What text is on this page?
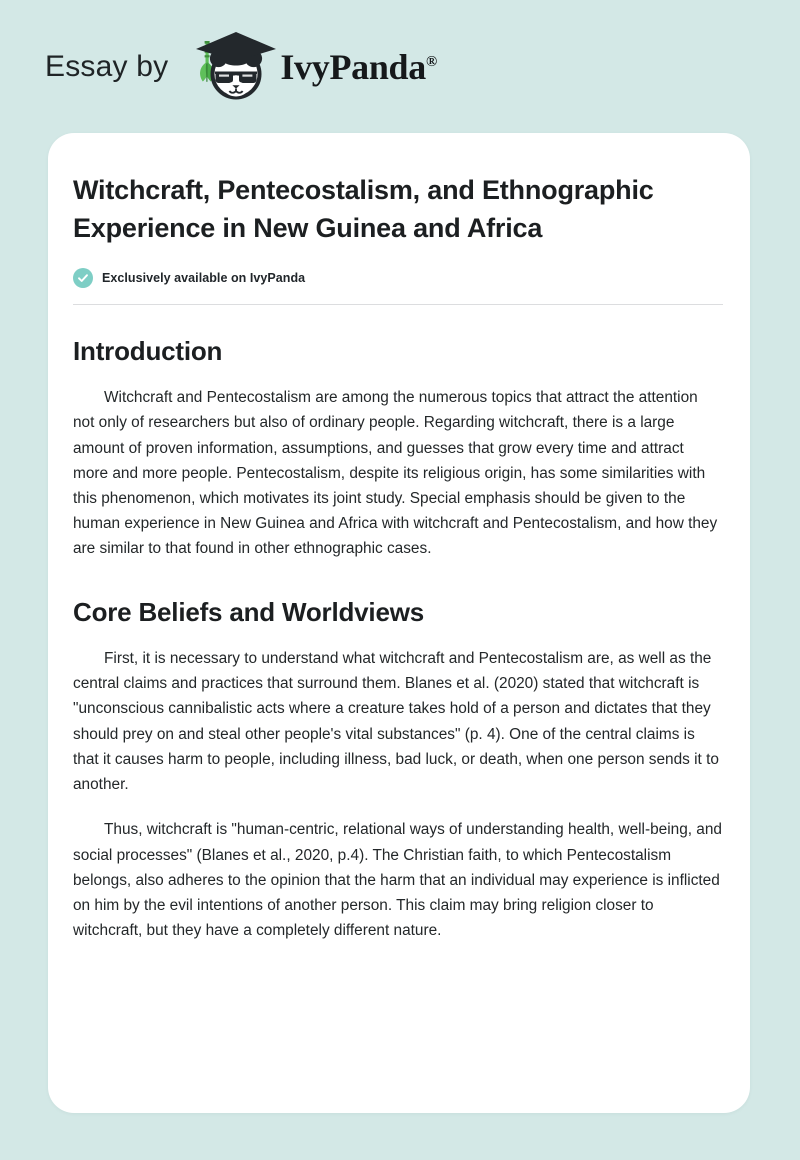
Essay by	IvyPanda®
Witchcraft, Pentecostalism, and Ethnographic Experience in New Guinea and Africa
Exclusively available on IvyPanda
Introduction

Witchcraft and Pentecostalism are among the numerous topics that attract the attention not only of researchers but also of ordinary people. Regarding witchcraft, there is a large amount of proven information, assumptions, and guesses that grow every time and attract more and more people. Pentecostalism, despite its religious origin, has some similarities with this phenomenon, which motivates its joint study. Special emphasis should be given to the human experience in New Guinea and Africa with witchcraft and Pentecostalism, and how they are similar to that found in other ethnographic cases.

Core Beliefs and Worldviews

First, it is necessary to understand what witchcraft and Pentecostalism are, as well as the central claims and practices that surround them. Blanes et al. (2020) stated that witchcraft is "unconscious cannibalistic acts where a creature takes hold of a person and dictates that they should prey on and steal other people's vital substances" (p. 4). One of the central claims is that it causes harm to people, including illness, bad luck, or death, when one person sends it to another.

Thus, witchcraft is "human-centric, relational ways of understanding health, well-being, and social processes" (Blanes et al., 2020, p.4). The Christian faith, to which Pentecostalism belongs, also adheres to the opinion that the harm that an individual may experience is inflicted on him by the evil intentions of another person. This claim may bring religion closer to witchcraft, but they have a completely different nature.
